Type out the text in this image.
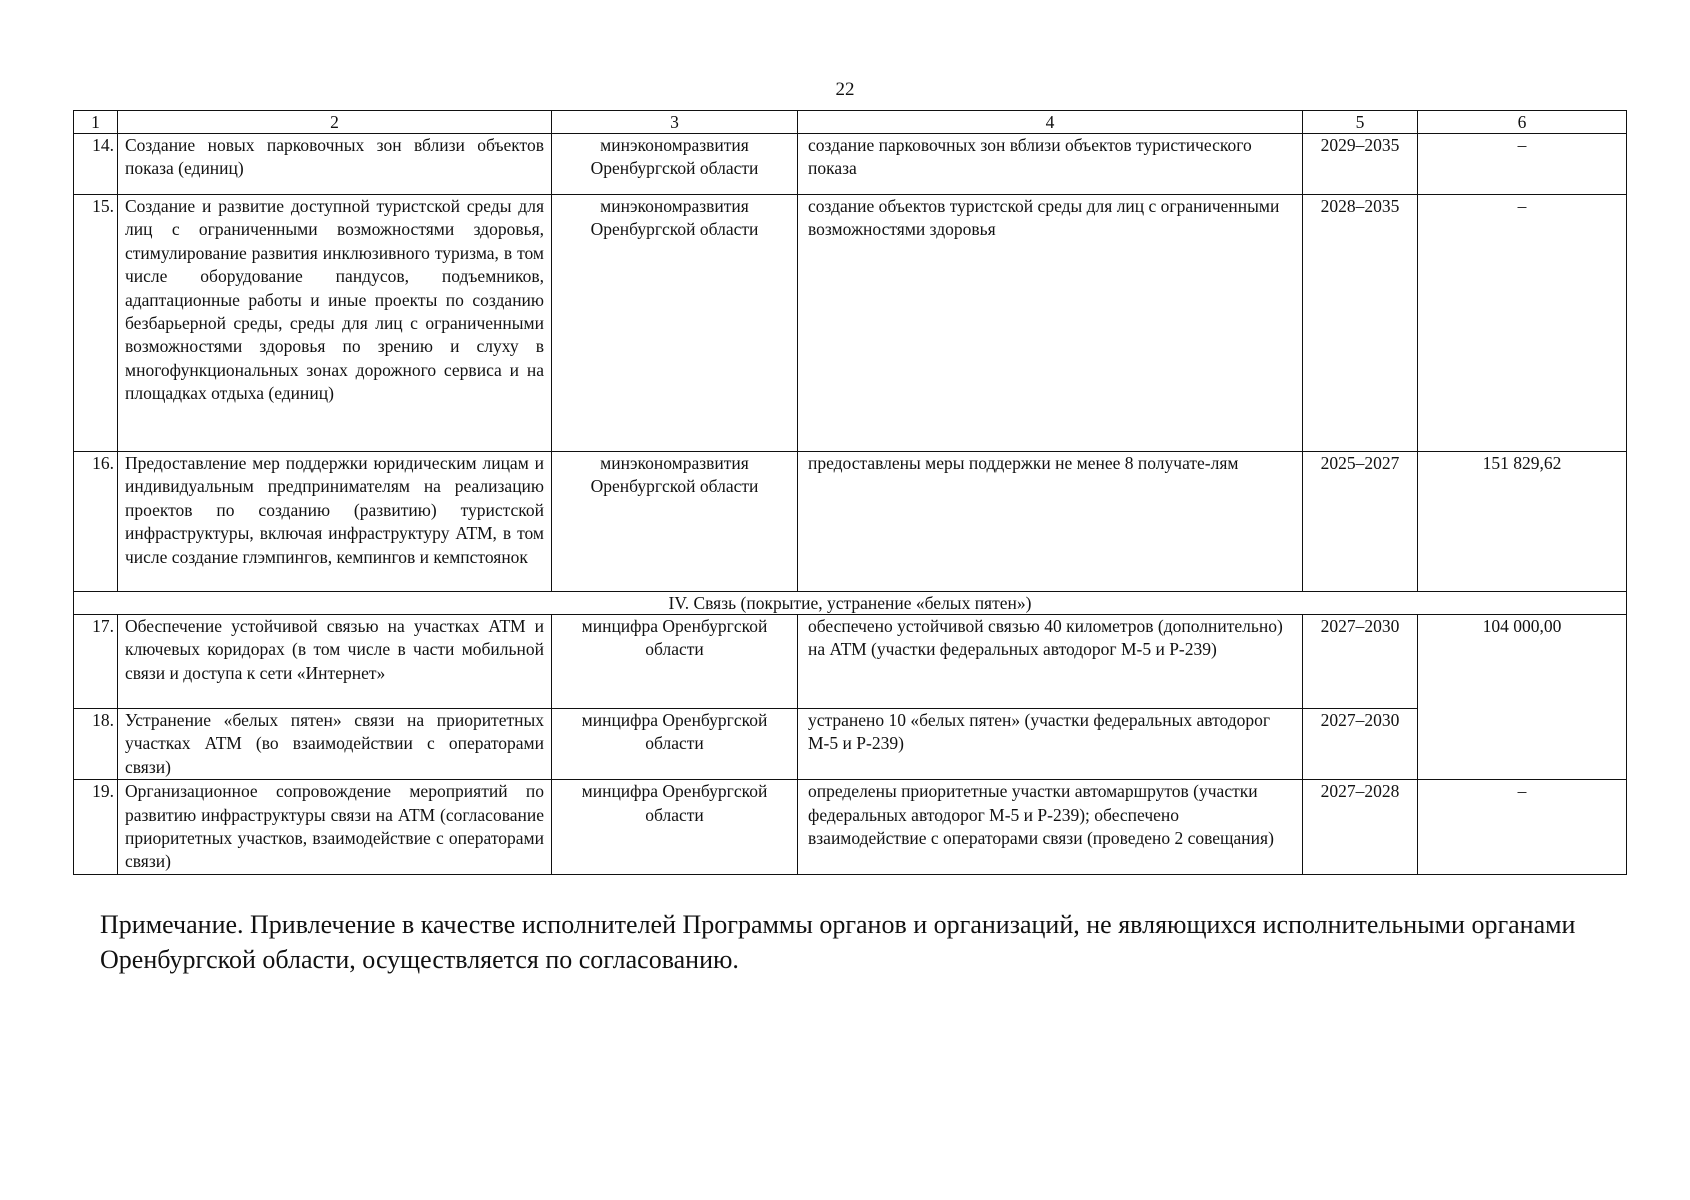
22
1	2	3	4	5	6
14.	Создание новых парковочных зон вблизи объектов показа (единиц)	минэкономразвития Оренбургской области	создание парковочных зон вблизи объектов туристического показа	2029–2035	–
15.	Создание и развитие доступной туристской среды для лиц с ограниченными возможностями здоровья, стимулирование развития инклюзивного туризма, в том числе оборудование пандусов, подъемников, адаптационные работы и иные проекты по созданию безбарьерной среды, среды для лиц с ограниченными возможностями здоровья по зрению и слуху в многофункциональных зонах дорожного сервиса и на площадках отдыха (единиц)	минэкономразвития Оренбургской области	создание объектов туристской среды для лиц с ограниченными возможностями здоровья	2028–2035	–
16.	Предоставление мер поддержки юридическим лицам и индивидуальным предпринимателям на реализацию проектов по созданию (развитию) туристской инфраструктуры, включая инфраструктуру АТМ, в том числе создание глэмпингов, кемпингов и кемпстоянок	минэкономразвития Оренбургской области	предоставлены меры поддержки не менее 8 получате-лям	2025–2027	151 829,62
IV. Связь (покрытие, устранение «белых пятен»)					
17.	Обеспечение устойчивой связью на участках АТМ и ключевых коридорах (в том числе в части мобильной связи и доступа к сети «Интернет»	минцифра Оренбургской области	обеспечено устойчивой связью 40 километров (дополнительно) на АТМ (участки федеральных автодорог М-5 и Р-239)	2027–2030	104 000,00
18.	Устранение «белых пятен» связи на приоритетных участках АТМ (во взаимодействии с операторами связи)	минцифра Оренбургской области	устранено 10 «белых пятен» (участки федеральных автодорог М-5 и Р-239)	2027–2030	
19.	Организационное сопровождение мероприятий по развитию инфраструктуры связи на АТМ (согласование приоритетных участков, взаимодействие с операторами связи)	минцифра Оренбургской области	определены приоритетные участки автомаршрутов (участки федеральных автодорог М-5 и Р-239); обеспечено взаимодействие с операторами связи (проведено 2 совещания)	2027–2028	–
Примечание. Привлечение в качестве исполнителей Программы органов и организаций, не являющихся исполнительными органами Оренбургской области, осуществляется по согласованию.
